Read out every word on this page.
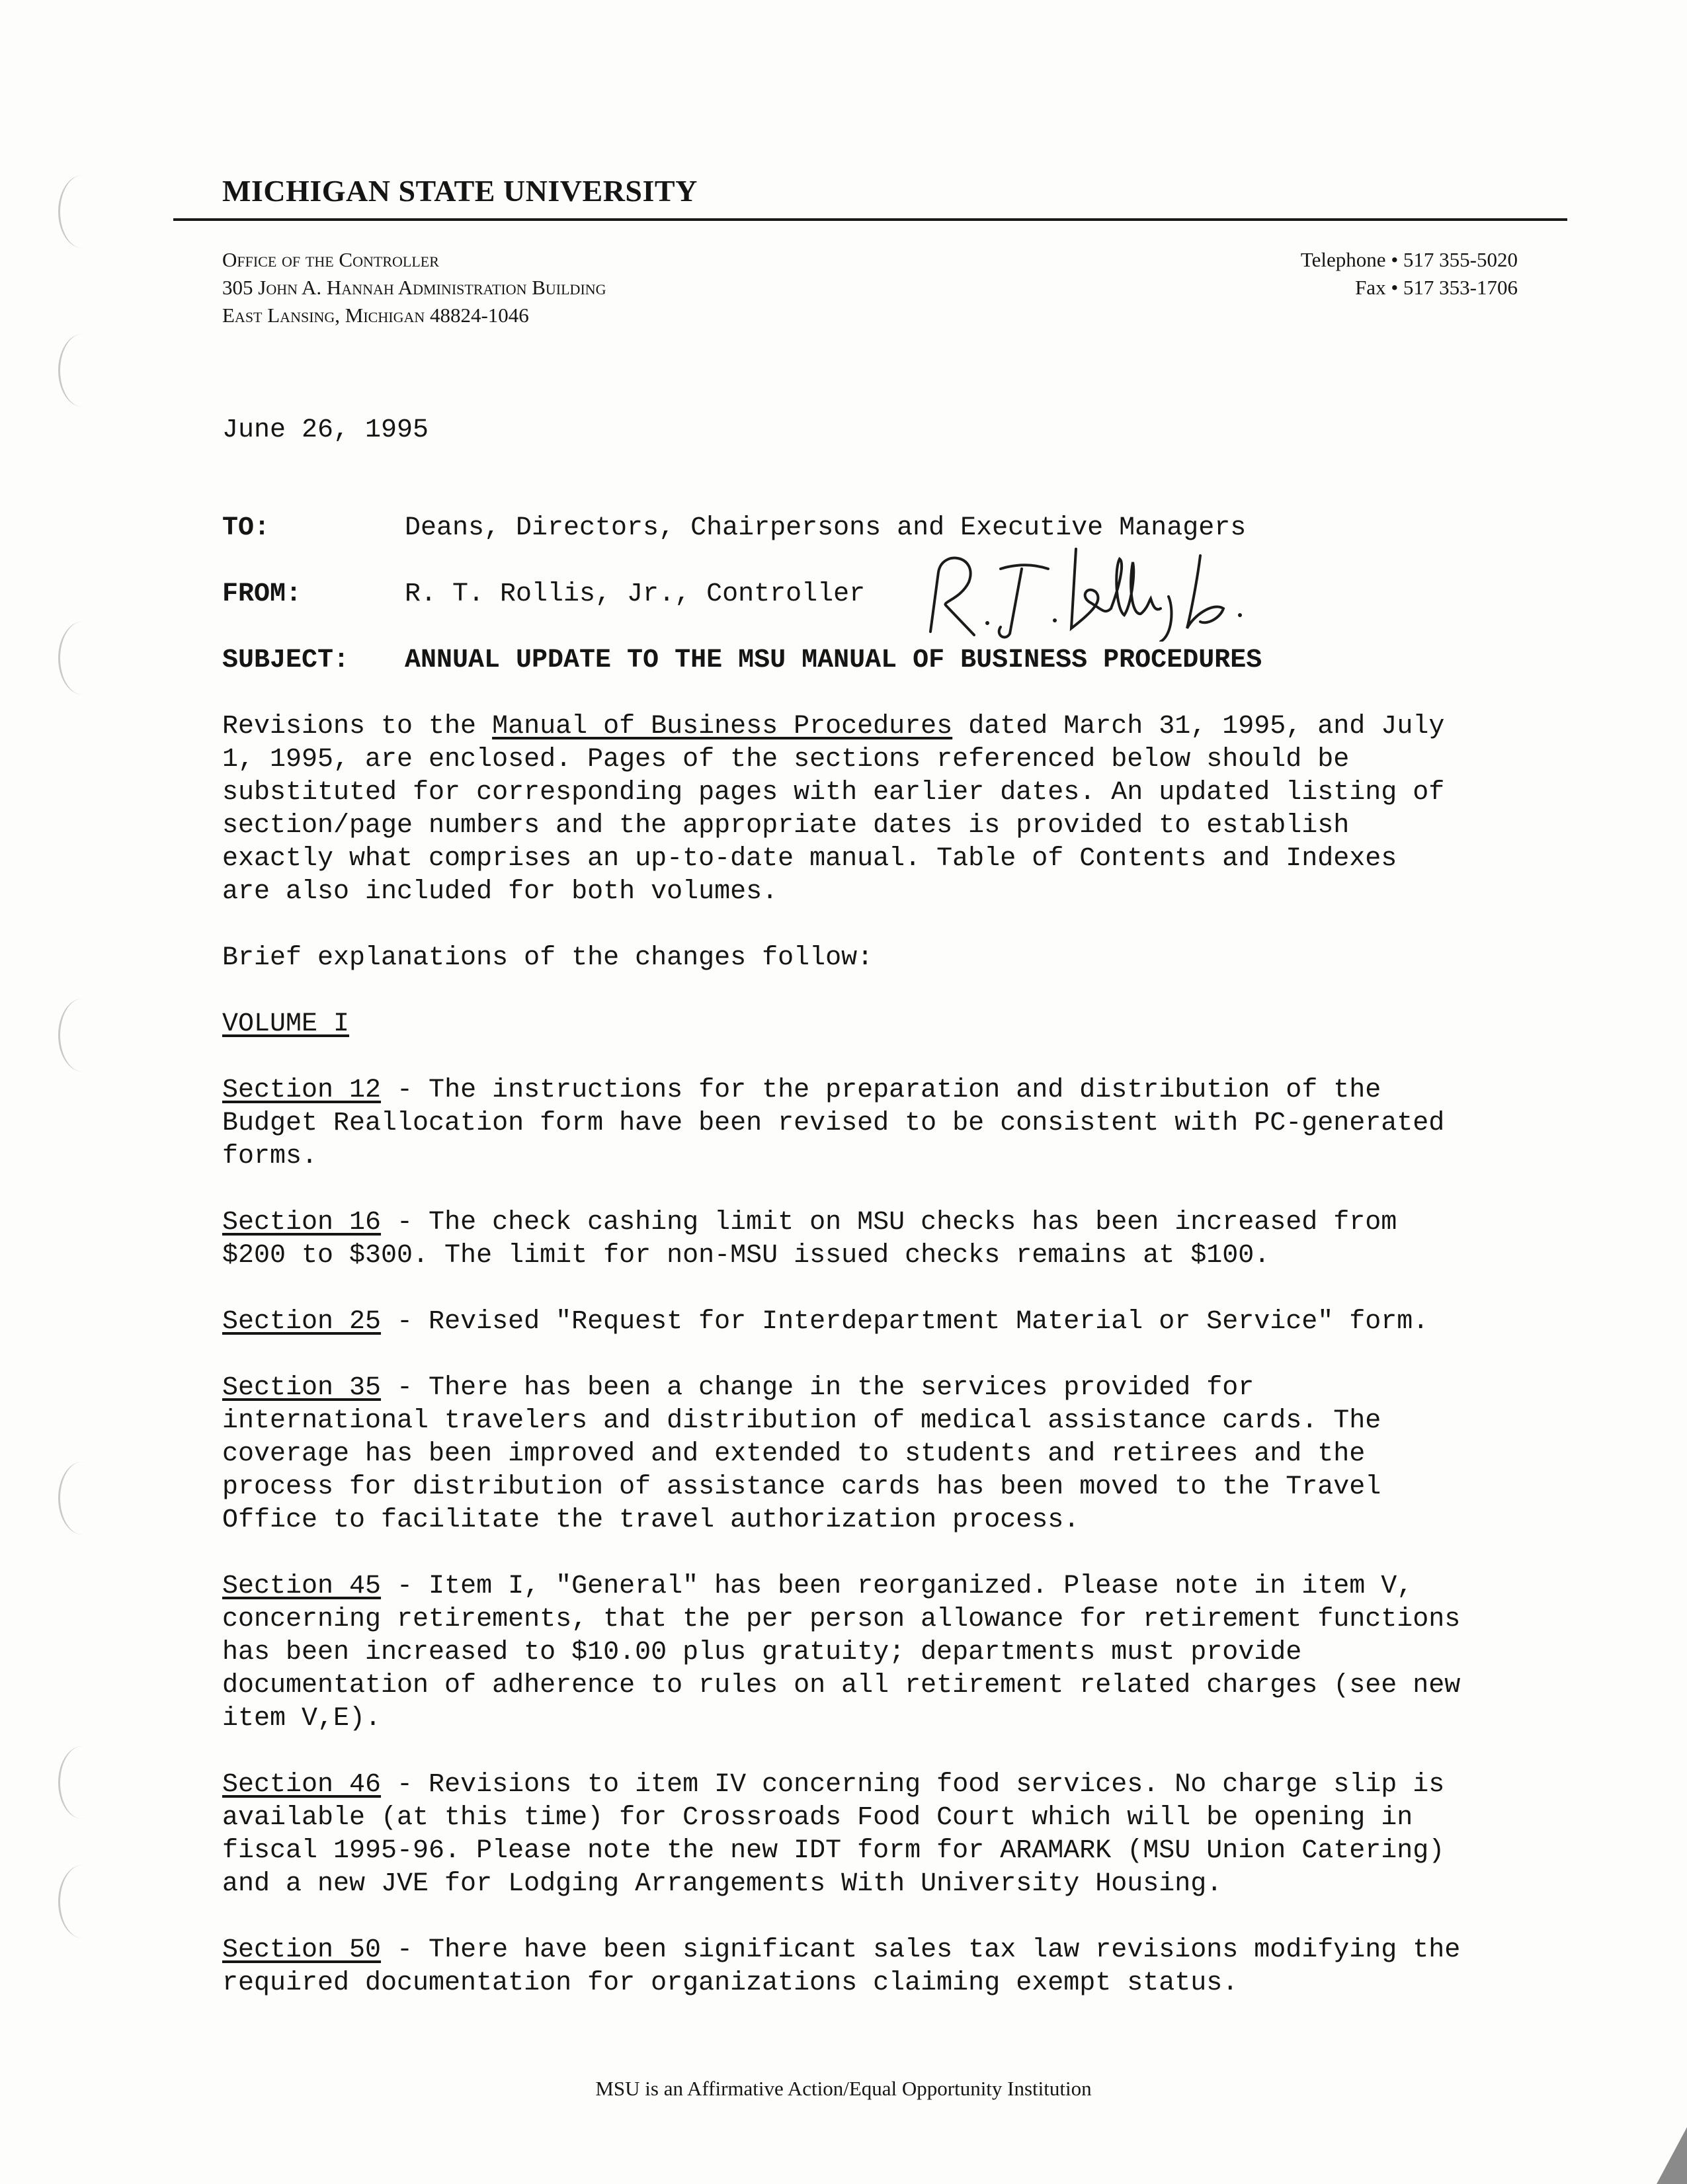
MICHIGAN STATE UNIVERSITY
Office of the Controller
305 John A. Hannah Administration Building
East Lansing, Michigan 48824-1046
Telephone • 517 355-5020
Fax • 517 353-1706
June 26, 1995
TO:	Deans, Directors, Chairpersons and Executive Managers
FROM:	R. T. Rollis, Jr., Controller
SUBJECT: ANNUAL UPDATE TO THE MSU MANUAL OF BUSINESS PROCEDURES
Revisions to the Manual of Business Procedures dated March 31, 1995, and July
1, 1995, are enclosed. Pages of the sections referenced below should be
substituted for corresponding pages with earlier dates. An updated listing of
section/page numbers and the appropriate dates is provided to establish
exactly what comprises an up-to-date manual. Table of Contents and Indexes
are also included for both volumes.
Brief explanations of the changes follow:
VOLUME I
Section 12 - The instructions for the preparation and distribution of the
Budget Reallocation form have been revised to be consistent with PC-generated
forms.
Section 16 - The check cashing limit on MSU checks has been increased from
$200 to $300. The limit for non-MSU issued checks remains at $100.
Section 25 - Revised "Request for Interdepartment Material or Service" form.
Section 35 - There has been a change in the services provided for
international travelers and distribution of medical assistance cards. The
coverage has been improved and extended to students and retirees and the
process for distribution of assistance cards has been moved to the Travel
Office to facilitate the travel authorization process.
Section 45 - Item I, "General" has been reorganized. Please note in item V,
concerning retirements, that the per person allowance for retirement functions
has been increased to $10.00 plus gratuity; departments must provide
documentation of adherence to rules on all retirement related charges (see new
item V,E).
Section 46 - Revisions to item IV concerning food services. No charge slip is
available (at this time) for Crossroads Food Court which will be opening in
fiscal 1995-96. Please note the new IDT form for ARAMARK (MSU Union Catering)
and a new JVE for Lodging Arrangements With University Housing.
Section 50 - There have been significant sales tax law revisions modifying the
required documentation for organizations claiming exempt status.
MSU is an Affirmative Action/Equal Opportunity Institution
